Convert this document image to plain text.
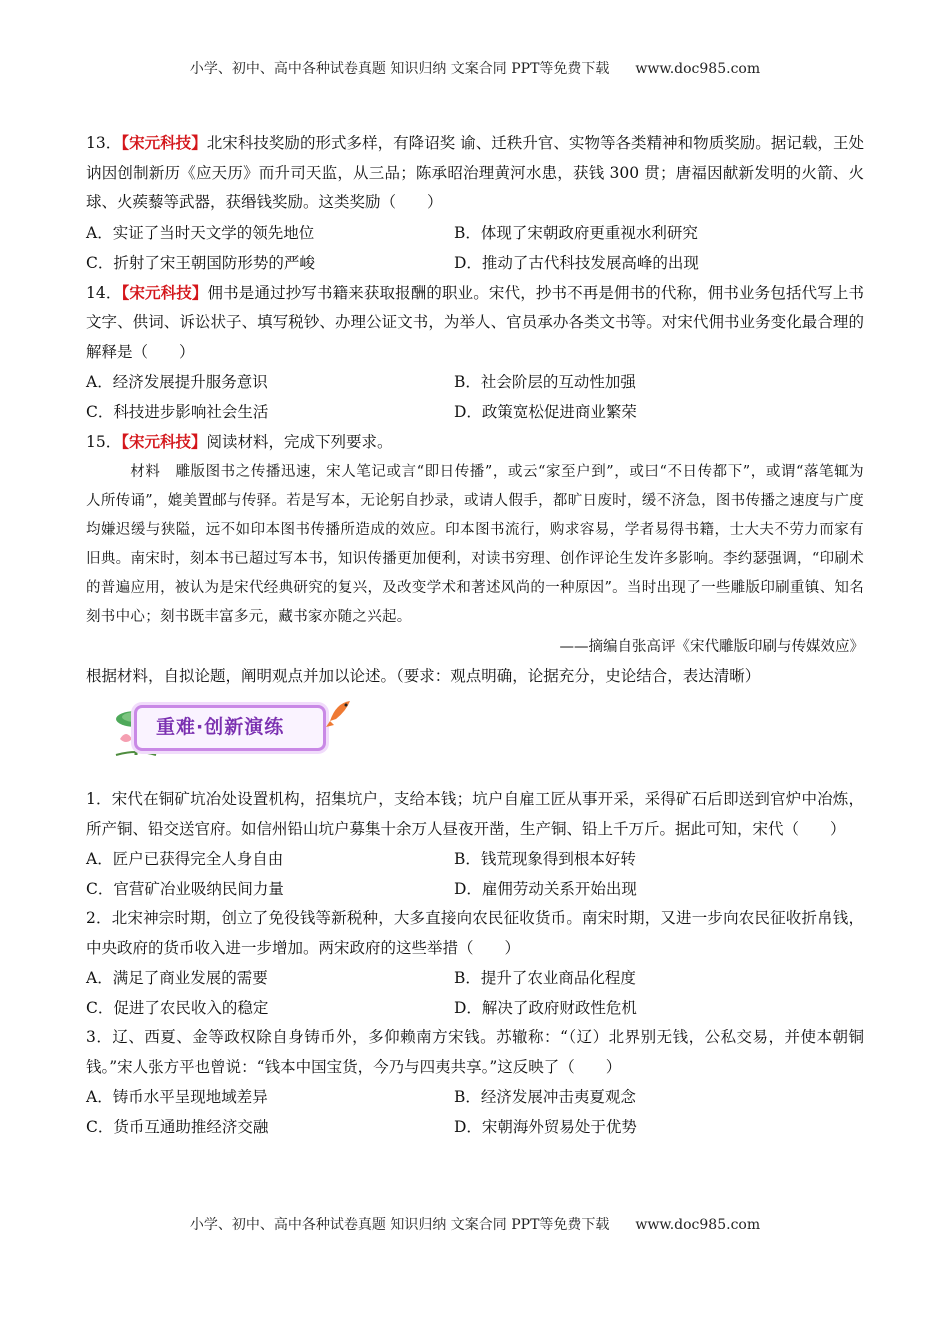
小学、初中、高中各种试卷真题 知识归纳 文案合同 PPT等免费下载 www.doc985.com
13．【宋元科技】北宋科技奖励的形式多样，有降诏奖 谕、迁秩升官、实物等各类精神和物质奖励。据记载，王处讷因创制新历《应天历》而升司天监，从三品；陈承昭治理黄河水患，获钱 300 贯；唐福因献新发明的火箭、火球、火蒺藜等武器，获缗钱奖励。这类奖励（　　）
A．实证了当时天文学的领先地位	B．体现了宋朝政府更重视水利研究
C．折射了宋王朝国防形势的严峻	D．推动了古代科技发展高峰的出现
14．【宋元科技】佣书是通过抄写书籍来获取报酬的职业。宋代，抄书不再是佣书的代称，佣书业务包括代写上书文字、供词、诉讼状子、填写税钞、办理公证文书，为举人、官员承办各类文书等。对宋代佣书业务变化最合理的解释是（　　）
A．经济发展提升服务意识	B．社会阶层的互动性加强
C．科技进步影响社会生活	D．政策宽松促进商业繁荣
15．【宋元科技】阅读材料，完成下列要求。
材料　雕版图书之传播迅速，宋人笔记或言“即日传播”，或云“家至户到”，或曰“不日传都下”，或谓“落笔辄为人所传诵”，媲美置邮与传驿。若是写本，无论躬自抄录，或请人假手，都旷日废时，缓不济急，图书传播之速度与广度均嫌迟缓与狭隘，远不如印本图书传播所造成的效应。印本图书流行，购求容易，学者易得书籍，士大夫不劳力而家有旧典。南宋时，刻本书已超过写本书，知识传播更加便利，对读书穷理、创作评论生发许多影响。李约瑟强调，“印刷术的普遍应用，被认为是宋代经典研究的复兴，及改变学术和著述风尚的一种原因”。当时出现了一些雕版印刷重镇、知名刻书中心；刻书既丰富多元，藏书家亦随之兴起。
——摘编自张高评《宋代雕版印刷与传媒效应》
根据材料，自拟论题，阐明观点并加以论述。（要求：观点明确，论据充分，史论结合，表达清晰）
重难·创新演练
1．宋代在铜矿坑冶处设置机构，招集坑户，支给本钱；坑户自雇工匠从事开采，采得矿石后即送到官炉中冶炼，所产铜、铅交送官府。如信州铅山坑户募集十余万人昼夜开凿，生产铜、铅上千万斤。据此可知，宋代（　　）
A．匠户已获得完全人身自由	B．钱荒现象得到根本好转
C．官营矿冶业吸纳民间力量	D．雇佣劳动关系开始出现
2．北宋神宗时期，创立了免役钱等新税种，大多直接向农民征收货币。南宋时期，又进一步向农民征收折帛钱，中央政府的货币收入进一步增加。两宋政府的这些举措（　　）
A．满足了商业发展的需要	B．提升了农业商品化程度
C．促进了农民收入的稳定	D．解决了政府财政性危机
3．辽、西夏、金等政权除自身铸币外，多仰赖南方宋钱。苏辙称：“（辽）北界别无钱，公私交易，并使本朝铜钱。”宋人张方平也曾说：“钱本中国宝货，今乃与四夷共享。”这反映了（　　）
A．铸币水平呈现地域差异	B．经济发展冲击夷夏观念
C．货币互通助推经济交融	D．宋朝海外贸易处于优势
小学、初中、高中各种试卷真题 知识归纳 文案合同 PPT等免费下载 www.doc985.com
